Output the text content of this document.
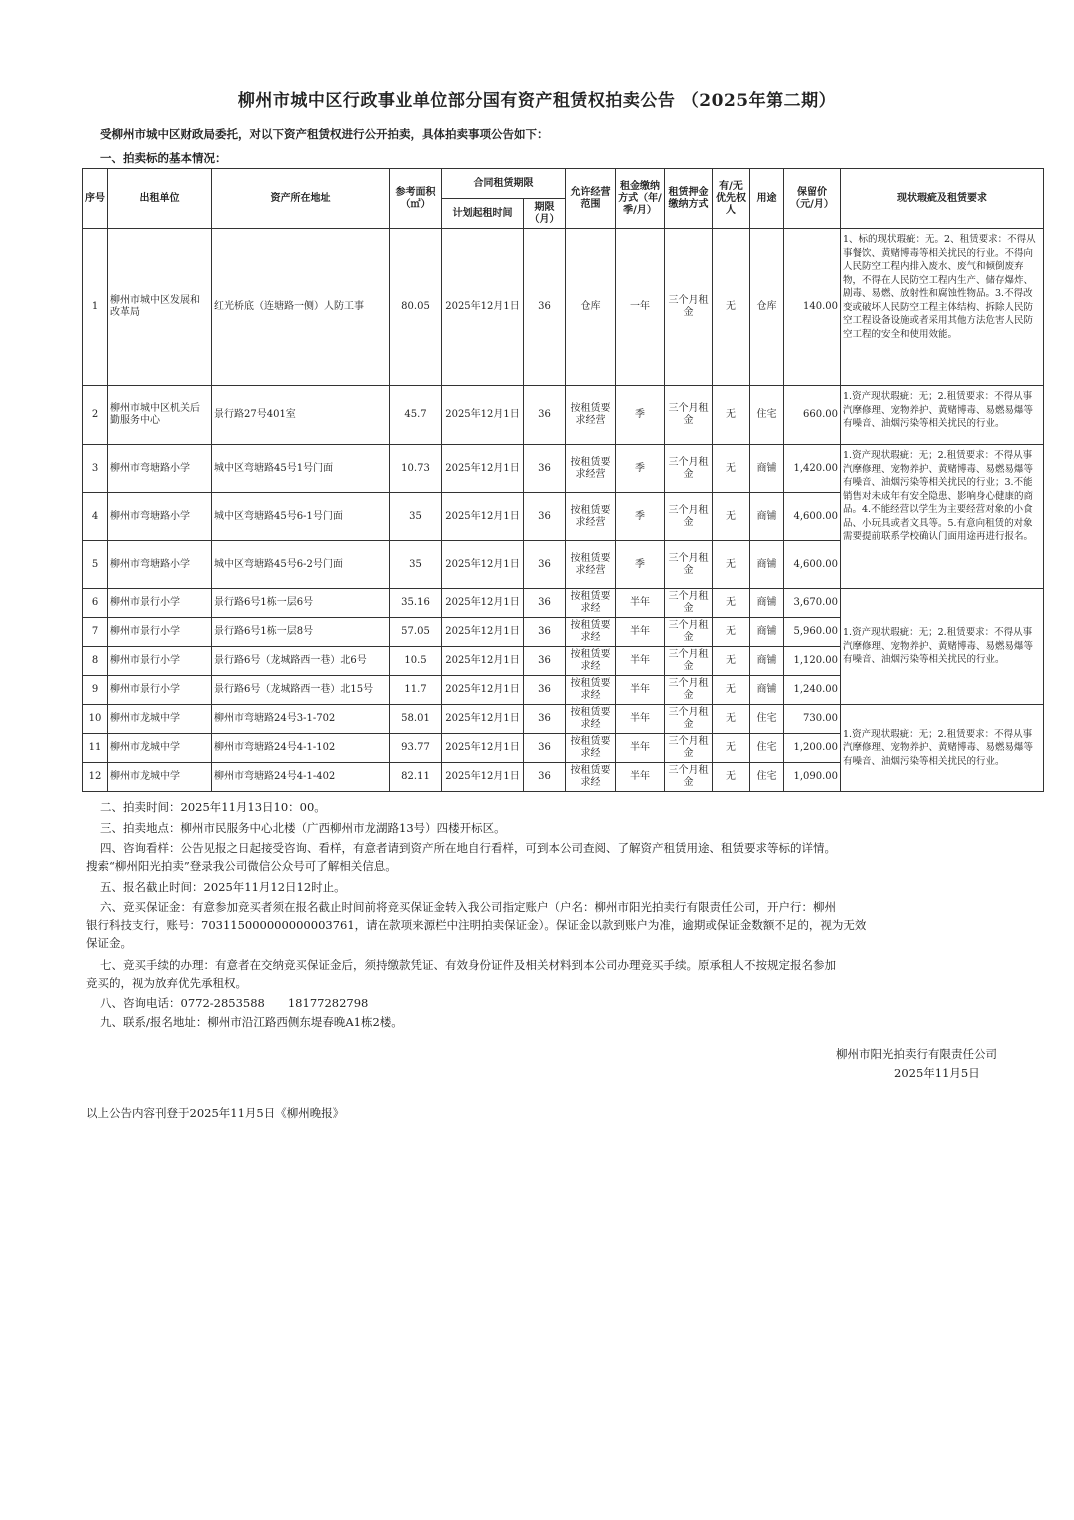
柳州市城中区行政事业单位部分国有资产租赁权拍卖公告 （2025年第二期）
受柳州市城中区财政局委托，对以下资产租赁权进行公开拍卖，具体拍卖事项公告如下：
一、拍卖标的基本情况：
序号	出租单位	资产所在地址	参考面积（㎡）	合同租赁期限		允许经营范围	租金缴纳方式（年/季/月）	租赁押金缴纳方式	有/无优先权人	用途	保留价（元/月）	现状瑕疵及租赁要求
				计划起租时间	期限（月）							
1	柳州市城中区发展和改革局	红光桥底（连塘路一侧）人防工事	80.05	2025年12月1日	36	仓库	一年	三个月租金	无	仓库	140.00	1、标的现状瑕疵：无。2、租赁要求：不得从事餐饮、黄赌博毒等相关扰民的行业。不得向人民防空工程内排入废水、废气和倾倒废弃物，不得在人民防空工程内生产、储存爆炸、剧毒、易燃、放射性和腐蚀性物品。3.不得改变或破坏人民防空工程主体结构、拆除人民防空工程设备设施或者采用其他方法危害人民防空工程的安全和使用效能。
2	柳州市城中区机关后勤服务中心	景行路27号401室	45.7	2025年12月1日	36	按租赁要求经营	季	三个月租金	无	住宅	660.00	1.资产现状瑕疵：无；2.租赁要求：不得从事汽摩修理、宠物养护、黄赌博毒、易燃易爆等有噪音、油烟污染等相关扰民的行业。
3	柳州市弯塘路小学	城中区弯塘路45号1号门面	10.73	2025年12月1日	36	按租赁要求经营	季	三个月租金	无	商铺	1,420.00	1.资产现状瑕疵：无；2.租赁要求：不得从事汽摩修理、宠物养护、黄赌博毒、易燃易爆等有噪音、油烟污染等相关扰民的行业；3.不能销售对未成年有安全隐患、影响身心健康的商品。4.不能经营以学生为主要经营对象的小食品、小玩具或者文具等。5.有意向租赁的对象需要提前联系学校确认门面用途再进行报名。
4	柳州市弯塘路小学	城中区弯塘路45号6-1号门面	35	2025年12月1日	36	按租赁要求经营	季	三个月租金	无	商铺	4,600.00	
5	柳州市弯塘路小学	城中区弯塘路45号6-2号门面	35	2025年12月1日	36	按租赁要求经营	季	三个月租金	无	商铺	4,600.00	
6	柳州市景行小学	景行路6号1栋一层6号	35.16	2025年12月1日	36	按租赁要求经	半年	三个月租金	无	商铺	3,670.00	1.资产现状瑕疵：无；2.租赁要求：不得从事汽摩修理、宠物养护、黄赌博毒、易燃易爆等有噪音、油烟污染等相关扰民的行业。
7	柳州市景行小学	景行路6号1栋一层8号	57.05	2025年12月1日	36	按租赁要求经	半年	三个月租金	无	商铺	5,960.00	
8	柳州市景行小学	景行路6号（龙城路西一巷）北6号	10.5	2025年12月1日	36	按租赁要求经	半年	三个月租金	无	商铺	1,120.00	
9	柳州市景行小学	景行路6号（龙城路西一巷）北15号	11.7	2025年12月1日	36	按租赁要求经	半年	三个月租金	无	商铺	1,240.00	
10	柳州市龙城中学	柳州市弯塘路24号3-1-702	58.01	2025年12月1日	36	按租赁要求经	半年	三个月租金	无	住宅	730.00	1.资产现状瑕疵：无；2.租赁要求：不得从事汽摩修理、宠物养护、黄赌博毒、易燃易爆等有噪音、油烟污染等相关扰民的行业。
11	柳州市龙城中学	柳州市弯塘路24号4-1-102	93.77	2025年12月1日	36	按租赁要求经	半年	三个月租金	无	住宅	1,200.00	
12	柳州市龙城中学	柳州市弯塘路24号4-1-402	82.11	2025年12月1日	36	按租赁要求经	半年	三个月租金	无	住宅	1,090.00	
二、拍卖时间：2025年11月13日10：00。
三、拍卖地点：柳州市民服务中心北楼（广西柳州市龙湖路13号）四楼开标区。
四、咨询看样：公告见报之日起接受咨询、看样，有意者请到资产所在地自行看样，可到本公司查阅、了解资产租赁用途、租赁要求等标的详情。
搜索“柳州阳光拍卖”登录我公司微信公众号可了解相关信息。
五、报名截止时间：2025年11月12日12时止。
六、竞买保证金：有意参加竞买者须在报名截止时间前将竞买保证金转入我公司指定账户（户名：柳州市阳光拍卖行有限责任公司，开户行：柳州
银行科技支行，账号：703115000000000003761，请在款项来源栏中注明拍卖保证金）。保证金以款到账户为准，逾期或保证金数额不足的，视为无效
保证金。
七、竞买手续的办理：有意者在交纳竞买保证金后，须持缴款凭证、有效身份证件及相关材料到本公司办理竞买手续。原承租人不按规定报名参加
竞买的，视为放弃优先承租权。
八、咨询电话：0772-2853588　　18177282798
九、联系/报名地址：柳州市沿江路西侧东堤春晚A1栋2楼。
柳州市阳光拍卖行有限责任公司
2025年11月5日
以上公告内容刊登于2025年11月5日《柳州晚报》
